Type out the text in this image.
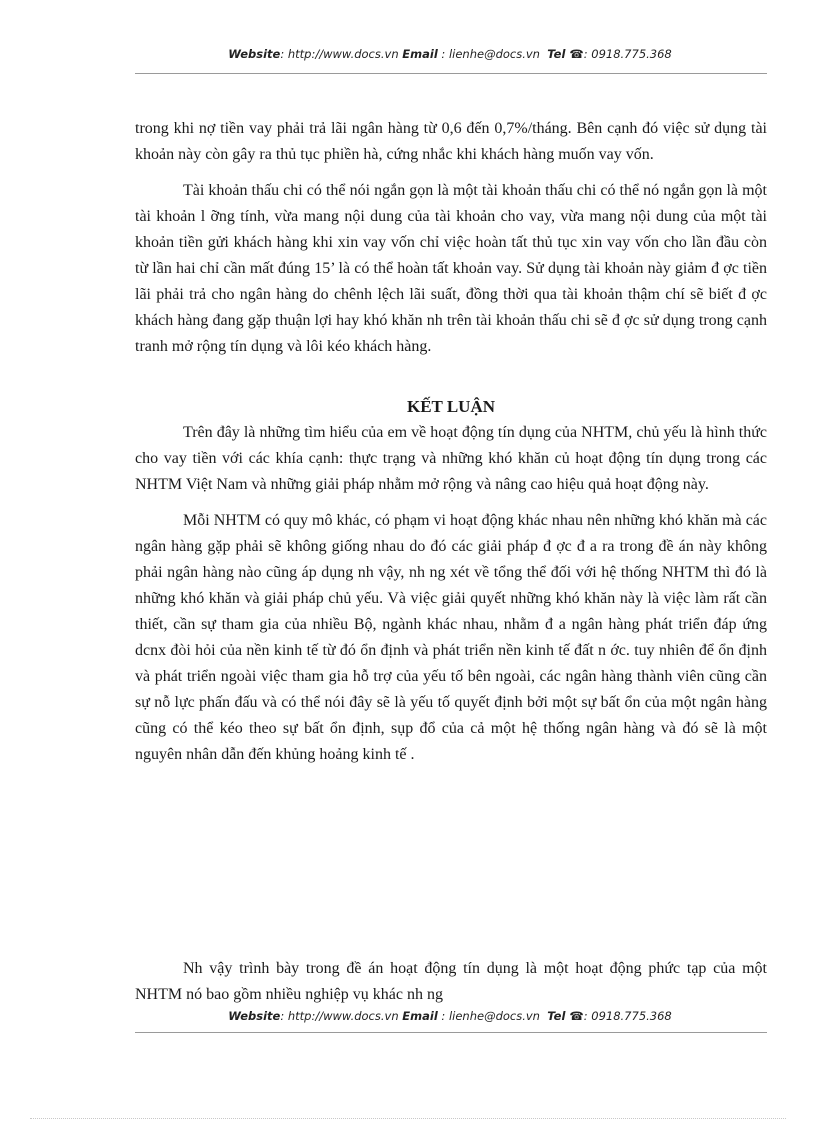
Website: http://www.docs.vn Email : lienhe@docs.vn Tel ☎: 0918.775.368

trong khi nợ tiền vay phải trả lãi ngân hàng từ 0,6 đến 0,7%/tháng. Bên cạnh đó việc sử dụng tài khoản này còn gây ra thủ tục phiền hà, cứng nhắc khi khách hàng muốn vay vốn.

Tài khoản thấu chi có thể nói ngắn gọn là một tài khoản thấu chi có thể nó ngắn gọn là một tài khoản l ỡng tính, vừa mang nội dung của tài khoản cho vay, vừa mang nội dung của một tài khoản tiền gửi khách hàng khi xin vay vốn chỉ việc hoàn tất thủ tục xin vay vốn cho lần đầu còn từ lần hai chỉ cần mất đúng 15’ là có thể hoàn tất khoản vay. Sử dụng tài khoản này giảm đ ợc tiền lãi phải trả cho ngân hàng do chênh lệch lãi suất, đồng thời qua tài khoản thậm chí sẽ biết đ ợc khách hàng đang gặp thuận lợi hay khó khăn nh trên tài khoản thấu chi sẽ đ ợc sử dụng trong cạnh tranh mở rộng tín dụng và lôi kéo khách hàng.

KẾT LUẬN

Trên đây là những tìm hiểu của em về hoạt động tín dụng của NHTM, chủ yếu là hình thức cho vay tiền với các khía cạnh: thực trạng và những khó khăn củ hoạt động tín dụng trong các NHTM Việt Nam và những giải pháp nhằm mở rộng và nâng cao hiệu quả hoạt động này.

Mỗi NHTM có quy mô khác, có phạm vi hoạt động khác nhau nên những khó khăn mà các ngân hàng gặp phải sẽ không giống nhau do đó các giải pháp đ ợc đ a ra trong đề án này không phải ngân hàng nào cũng áp dụng nh vậy, nh ng xét về tổng thể đối với hệ thống NHTM thì đó là những khó khăn và giải pháp chủ yếu. Và việc giải quyết những khó khăn này là việc làm rất cần thiết, cần sự tham gia của nhiều Bộ, ngành khác nhau, nhằm đ a ngân hàng phát triển đáp ứng dcnx đòi hỏi của nền kinh tế từ đó ổn định và phát triển nền kinh tế đất n ớc. tuy nhiên để ổn định và phát triển ngoài việc tham gia hỗ trợ của yếu tố bên ngoài, các ngân hàng thành viên cũng cần sự nỗ lực phấn đấu và có thể nói đây sẽ là yếu tố quyết định bởi một sự bất ổn của một ngân hàng cũng có thể kéo theo sự bất ổn định, sụp đổ của cả một hệ thống ngân hàng và đó sẽ là một nguyên nhân dẫn đến khủng hoảng kinh tế .

Nh vậy trình bày trong đề án hoạt động tín dụng là một hoạt động phức tạp của một NHTM nó bao gồm nhiều nghiệp vụ khác nh ng

Website: http://www.docs.vn Email : lienhe@docs.vn Tel ☎: 0918.775.368
